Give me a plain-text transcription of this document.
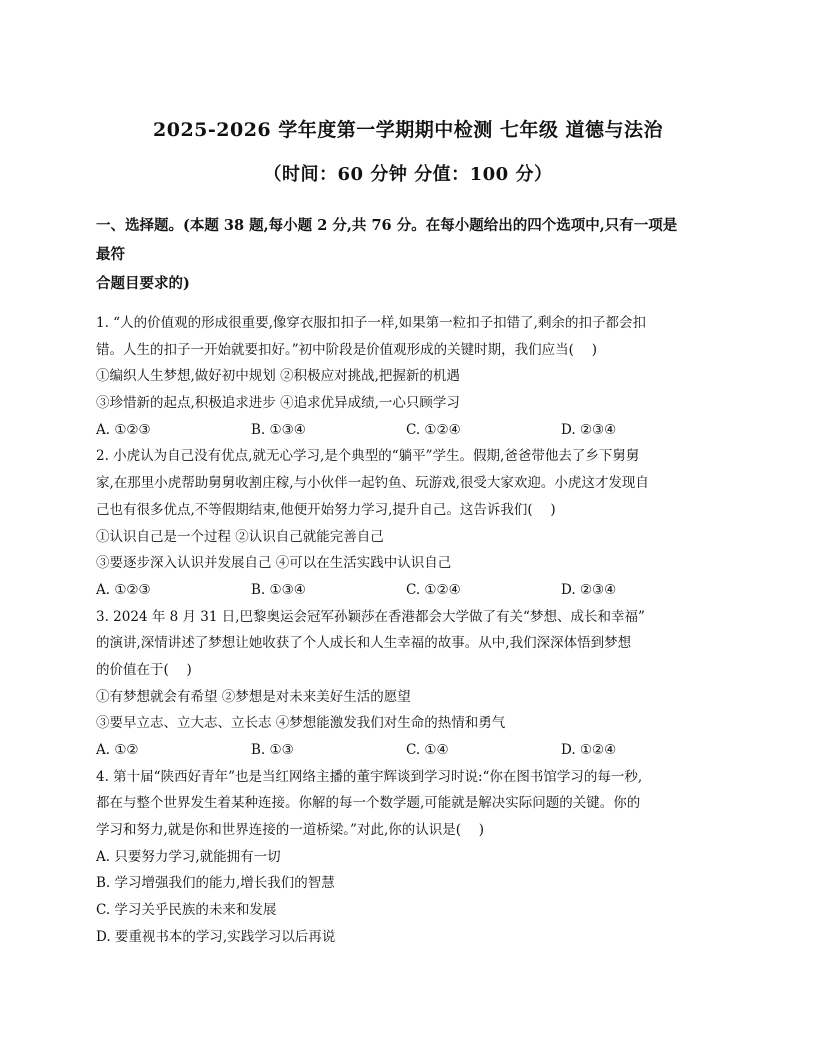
2025-2026 学年度第一学期期中检测 七年级 道德与法治
（时间：60 分钟 分值：100 分）
一、选择题。(本题 38 题,每小题 2 分,共 76 分。在每小题给出的四个选项中,只有一项是
最符
合题目要求的)
1. “人的价值观的形成很重要,像穿衣服扣扣子一样,如果第一粒扣子扣错了,剩余的扣子都会扣
错。人生的扣子一开始就要扣好。”初中阶段是价值观形成的关键时期，我们应当(　 )
①编织人生梦想,做好初中规划 ②积极应对挑战,把握新的机遇
③珍惜新的起点,积极追求进步 ④追求优异成绩,一心只顾学习
A. ①②③	B. ①③④	C. ①②④	D. ②③④
2. 小虎认为自己没有优点,就无心学习,是个典型的“躺平”学生。假期,爸爸带他去了乡下舅舅
家,在那里小虎帮助舅舅收割庄稼,与小伙伴一起钓鱼、玩游戏,很受大家欢迎。小虎这才发现自
己也有很多优点,不等假期结束,他便开始努力学习,提升自己。这告诉我们(　 )
①认识自己是一个过程 ②认识自己就能完善自己
③要逐步深入认识并发展自己 ④可以在生活实践中认识自己
A. ①②③	B. ①③④	C. ①②④	D. ②③④
3. 2024 年 8 月 31 日,巴黎奥运会冠军孙颖莎在香港都会大学做了有关“梦想、成长和幸福”
的演讲,深情讲述了梦想让她收获了个人成长和人生幸福的故事。从中,我们深深体悟到梦想
的价值在于(　 )
①有梦想就会有希望 ②梦想是对未来美好生活的愿望
③要早立志、立大志、立长志 ④梦想能激发我们对生命的热情和勇气
A. ①②	B. ①③	C. ①④	D. ①②④
4. 第十届“陕西好青年”也是当红网络主播的董宇辉谈到学习时说:“你在图书馆学习的每一秒,
都在与整个世界发生着某种连接。你解的每一个数学题,可能就是解决实际问题的关键。你的
学习和努力,就是你和世界连接的一道桥梁。”对此,你的认识是(　 )
A. 只要努力学习,就能拥有一切
B. 学习增强我们的能力,增长我们的智慧
C. 学习关乎民族的未来和发展
D. 要重视书本的学习,实践学习以后再说
